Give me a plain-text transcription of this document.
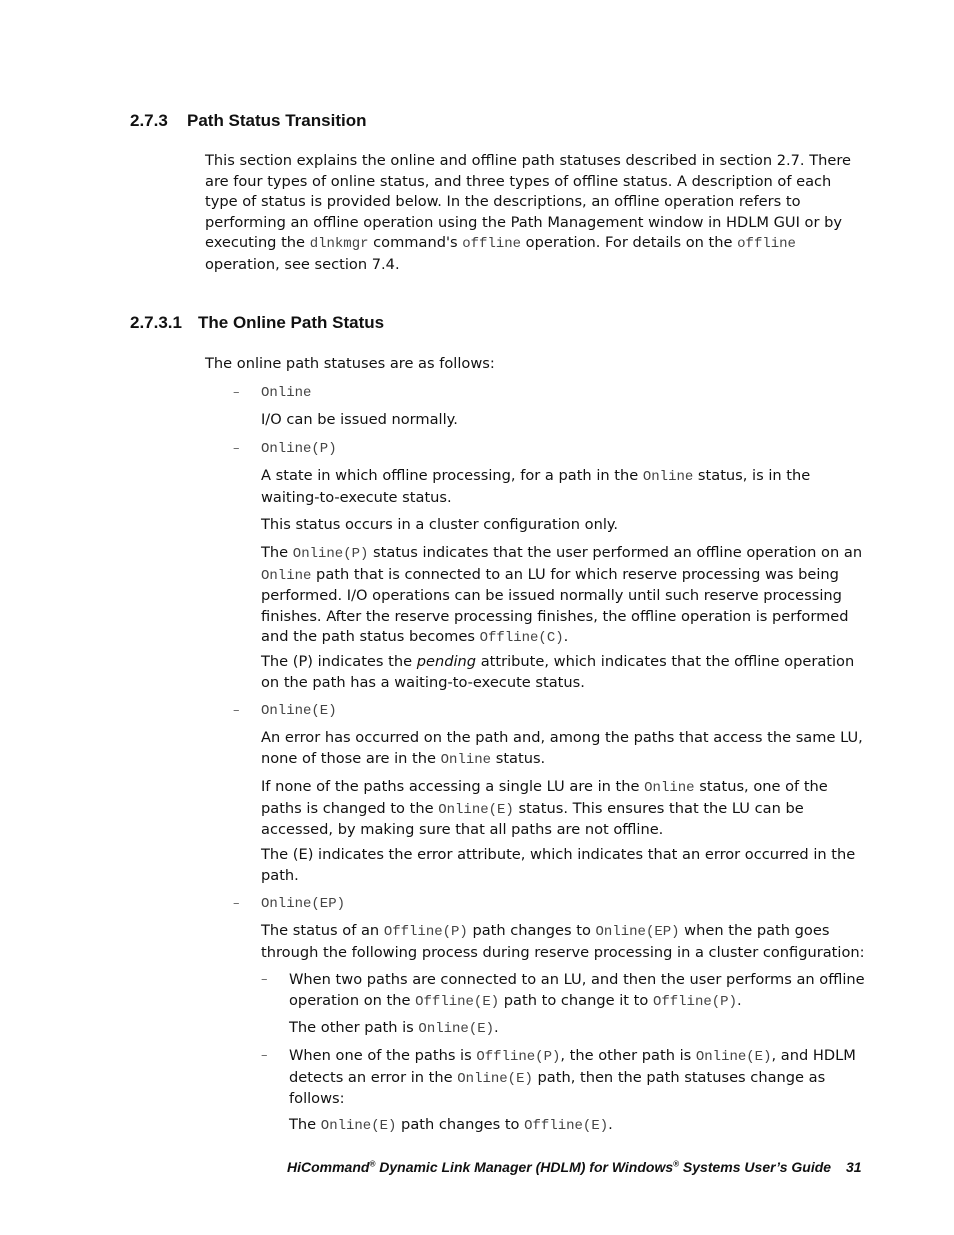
2.7.3 Path Status Transition
This section explains the online and offline path statuses described in section 2.7. There are four types of online status, and three types of offline status. A description of each type of status is provided below. In the descriptions, an offline operation refers to performing an offline operation using the Path Management window in HDLM GUI or by executing the dlnkmgr command's offline operation. For details on the offline operation, see section 7.4.
2.7.3.1 The Online Path Status

The online path statuses are as follows:

– Online

I/O can be issued normally.

– Online(P)

A state in which offline processing, for a path in the Online status, is in the waiting-to-execute status.

This status occurs in a cluster configuration only.

The Online(P) status indicates that the user performed an offline operation on an Online path that is connected to an LU for which reserve processing was being performed. I/O operations can be issued normally until such reserve processing finishes. After the reserve processing finishes, the offline operation is performed and the path status becomes Offline(C).

The (P) indicates the pending attribute, which indicates that the offline operation on the path has a waiting-to-execute status.

– Online(E)

An error has occurred on the path and, among the paths that access the same LU, none of those are in the Online status.

If none of the paths accessing a single LU are in the Online status, one of the paths is changed to the Online(E) status. This ensures that the LU can be accessed, by making sure that all paths are not offline.

The (E) indicates the error attribute, which indicates that an error occurred in the path.

– Online(EP)

The status of an Offline(P) path changes to Online(EP) when the path goes through the following process during reserve processing in a cluster configuration:

– When two paths are connected to an LU, and then the user performs an offline operation on the Offline(E) path to change it to Offline(P).

The other path is Online(E).

– When one of the paths is Offline(P), the other path is Online(E), and HDLM detects an error in the Online(E) path, then the path statuses change as follows:

The Online(E) path changes to Offline(E).

HiCommand® Dynamic Link Manager (HDLM) for Windows® Systems User’s Guide 31
